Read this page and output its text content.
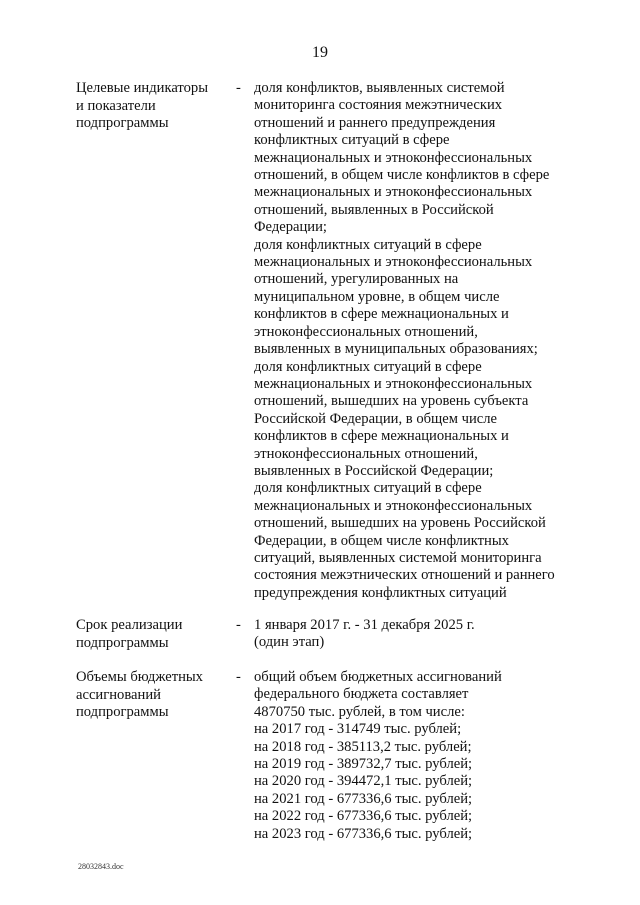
19
Целевые индикаторы
и показатели
подпрограммы
- доля конфликтов, выявленных системой
мониторинга состояния межэтнических
отношений и раннего предупреждения
конфликтных ситуаций в сфере
межнациональных и этноконфессиональных
отношений, в общем числе конфликтов в сфере
межнациональных и этноконфессиональных
отношений, выявленных в Российской
Федерации;
доля конфликтных ситуаций в сфере
межнациональных и этноконфессиональных
отношений, урегулированных на
муниципальном уровне, в общем числе
конфликтов в сфере межнациональных и
этноконфессиональных отношений,
выявленных в муниципальных образованиях;
доля конфликтных ситуаций в сфере
межнациональных и этноконфессиональных
отношений, вышедших на уровень субъекта
Российской Федерации, в общем числе
конфликтов в сфере межнациональных и
этноконфессиональных отношений,
выявленных в Российской Федерации;
доля конфликтных ситуаций в сфере
межнациональных и этноконфессиональных
отношений, вышедших на уровень Российской
Федерации, в общем числе конфликтных
ситуаций, выявленных системой мониторинга
состояния межэтнических отношений и раннего
предупреждения конфликтных ситуаций
Срок реализации
подпрограммы
- 1 января 2017 г. - 31 декабря 2025 г.
(один этап)
Объемы бюджетных
ассигнований
подпрограммы
- общий объем бюджетных ассигнований
федерального бюджета составляет
4870750 тыс. рублей, в том числе:
на 2017 год - 314749 тыс. рублей;
на 2018 год - 385113,2 тыс. рублей;
на 2019 год - 389732,7 тыс. рублей;
на 2020 год - 394472,1 тыс. рублей;
на 2021 год - 677336,6 тыс. рублей;
на 2022 год - 677336,6 тыс. рублей;
на 2023 год - 677336,6 тыс. рублей;
28032843.doc
